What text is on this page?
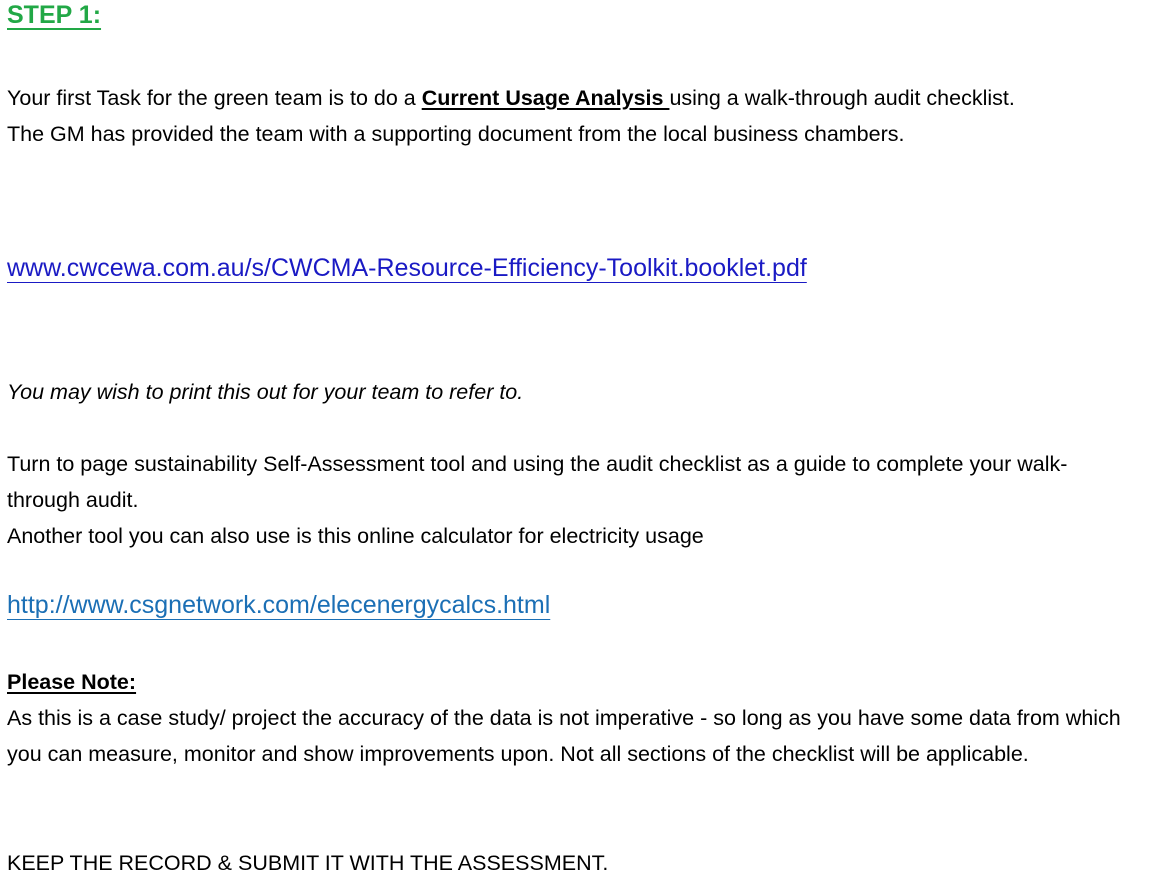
STEP 1:
Your first Task for the green team is to do a Current Usage Analysis using a walk-through audit checklist.
The GM has provided the team with a supporting document from the local business chambers.
www.cwcewa.com.au/s/CWCMA-Resource-Efficiency-Toolkit.booklet.pdf
You may wish to print this out for your team to refer to.
Turn to page sustainability Self-Assessment tool and using the audit checklist as a guide to complete your walk-through audit.
Another tool you can also use is this online calculator for electricity usage
http://www.csgnetwork.com/elecenergycalcs.html
Please Note:
As this is a case study/ project the accuracy of the data is not imperative - so long as you have some data from which you can measure, monitor and show improvements upon. Not all sections of the checklist will be applicable.
KEEP THE RECORD & SUBMIT IT WITH THE ASSESSMENT.
